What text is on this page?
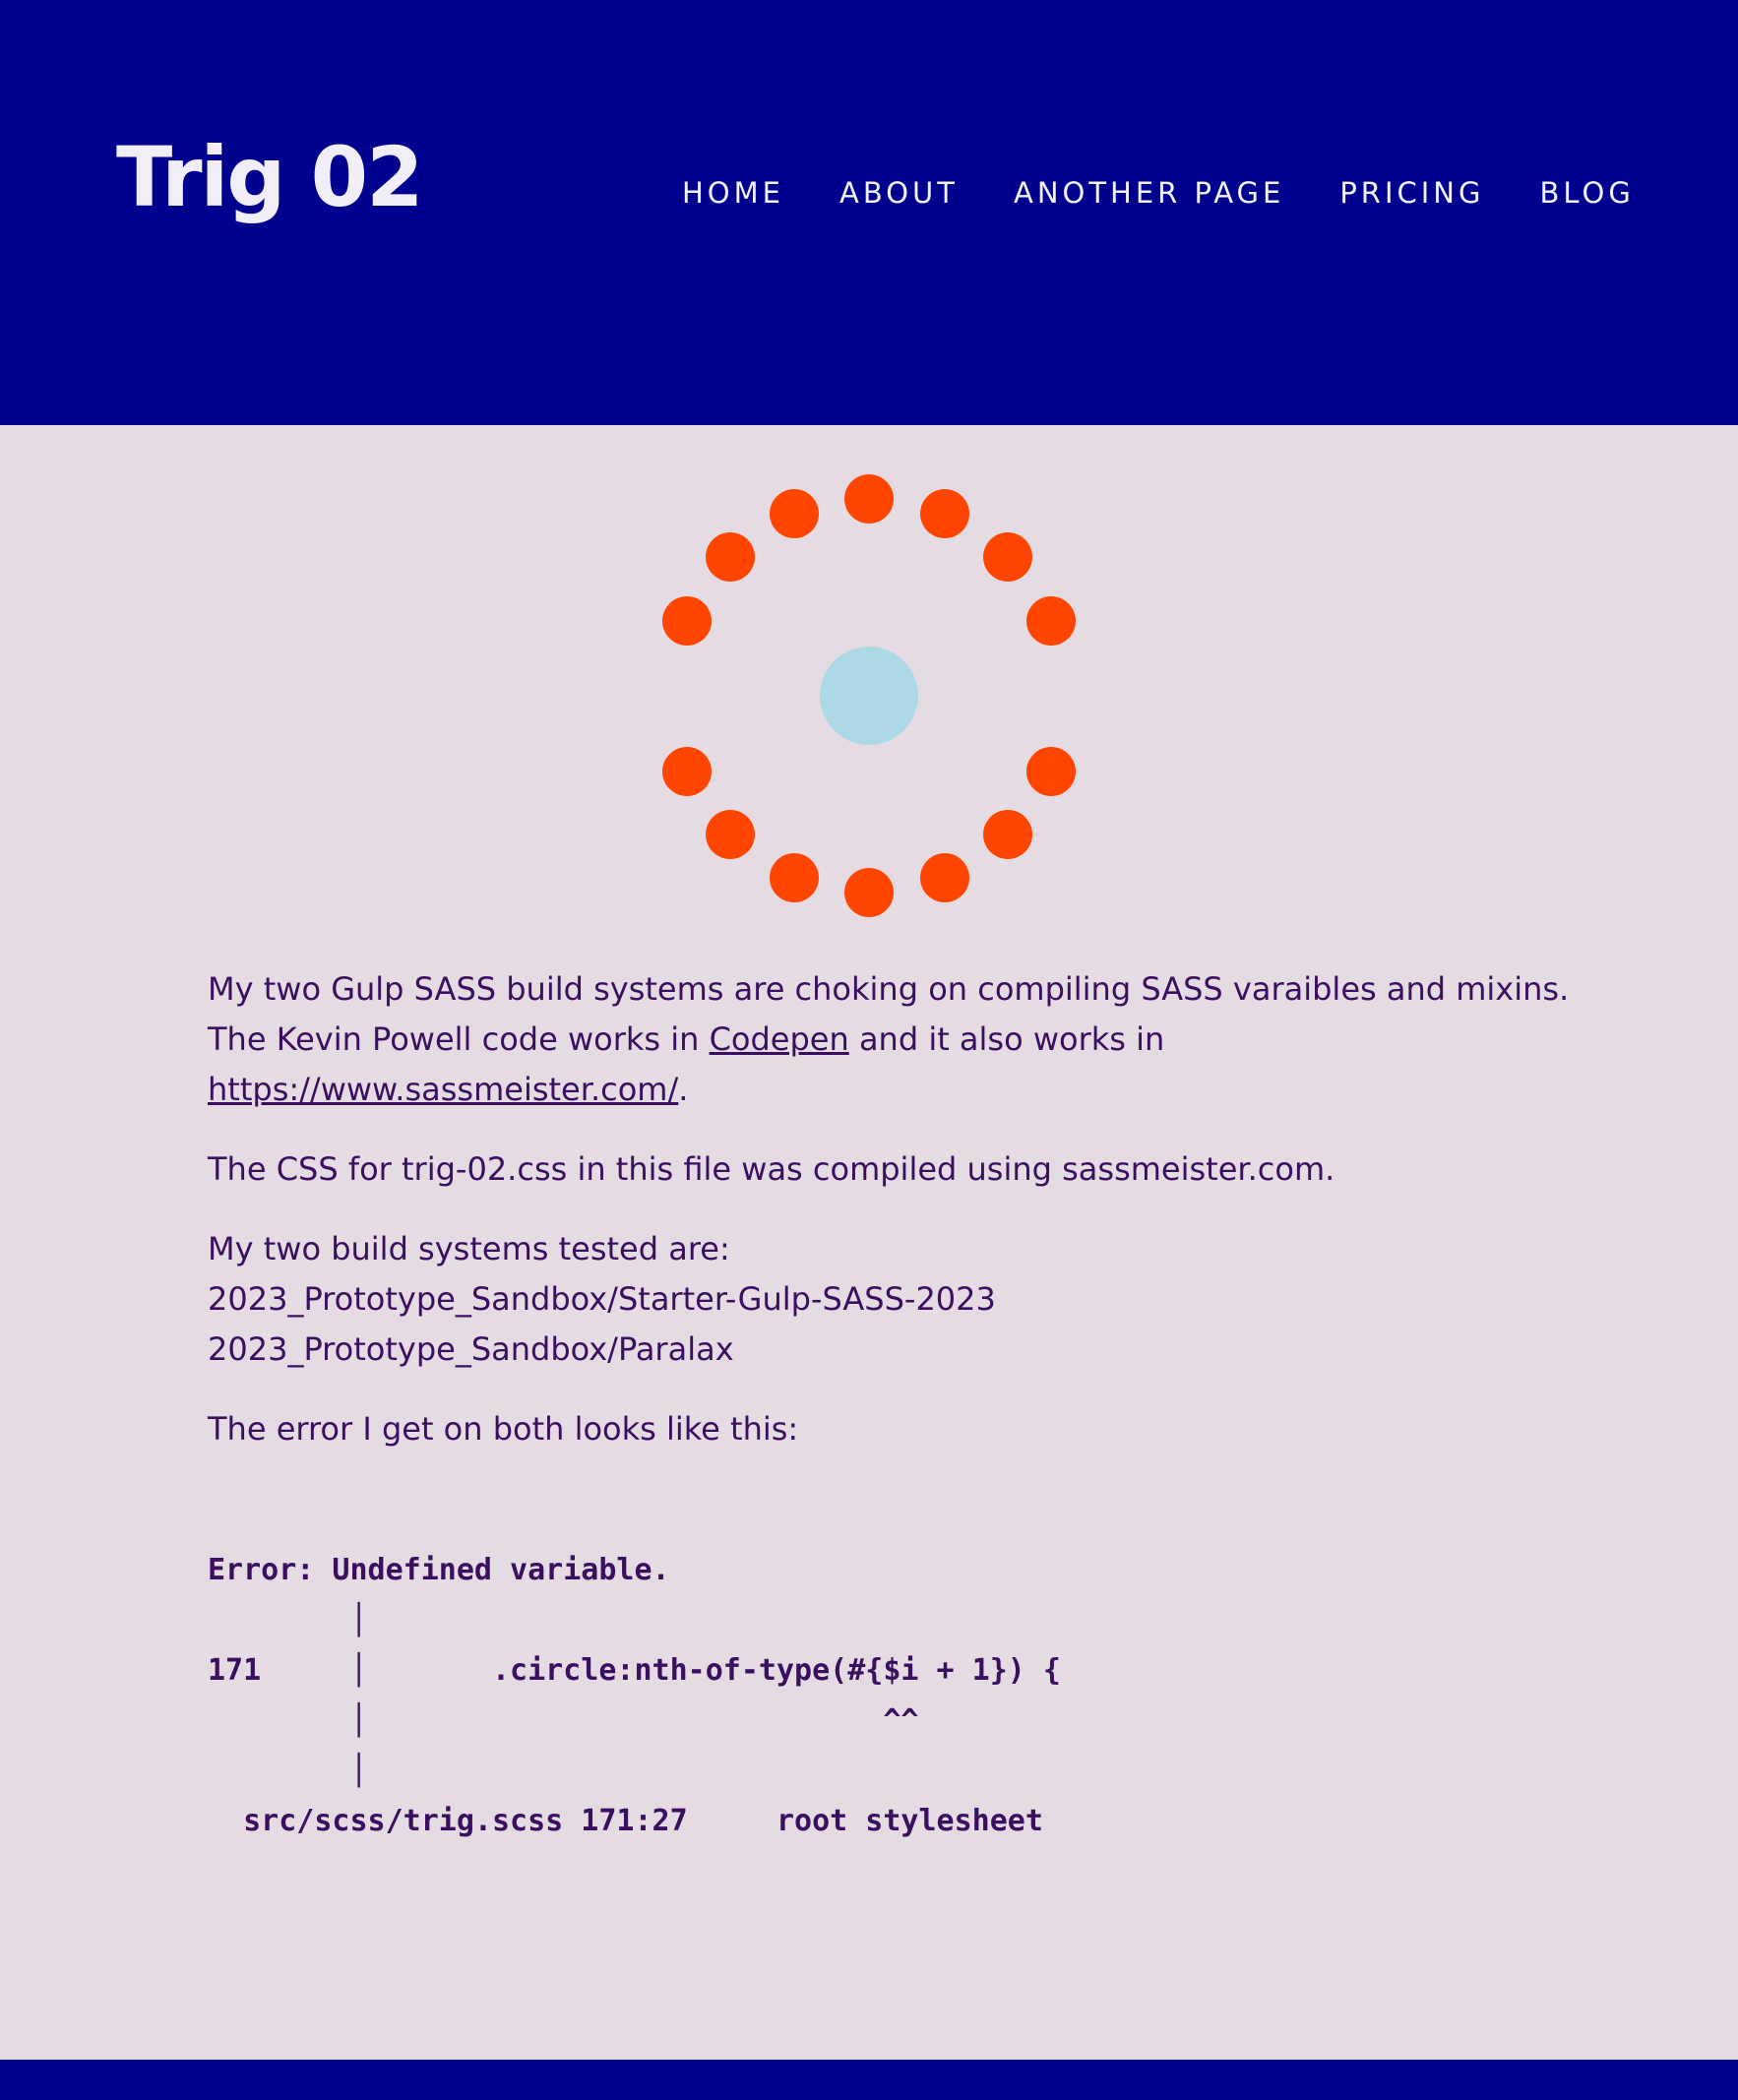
Trig 02	HOME ABOUT ANOTHER PAGE PRICING BLOG

My two Gulp SASS build systems are choking on compiling SASS varaibles and mixins.
The Kevin Powell code works in Codepen and it also works in
https://www.sassmeister.com/.

The CSS for trig-02.css in this file was compiled using sassmeister.com.

My two build systems tested are:
2023_Prototype_Sandbox/Starter-Gulp-SASS-2023
2023_Prototype_Sandbox/Paralax

The error I get on both looks like this:

Error: Undefined variable.
│
171     │       .circle:nth-of-type(#{$i + 1}) {
│                             ^^
│
src/scss/trig.scss 171:27     root stylesheet
